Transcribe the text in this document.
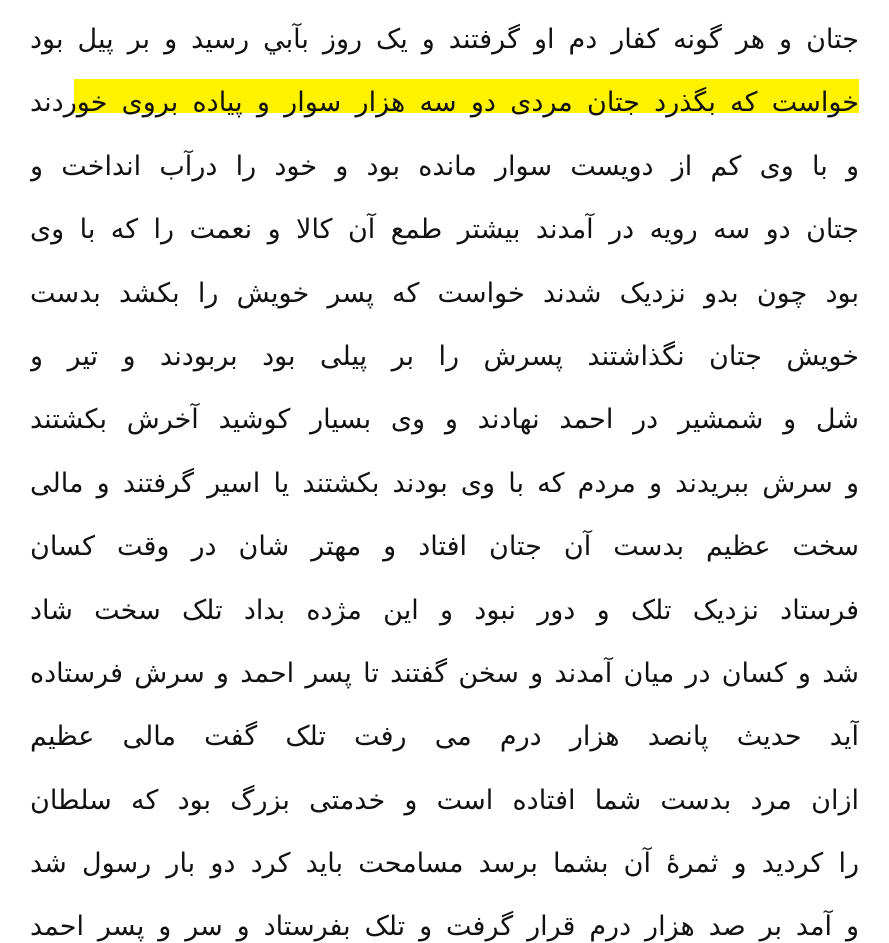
جتان و هر گونه کفار دم او گرفتند و یک روز بآبي رسيد و بر پيل بود
خواست که بگذرد جتان مردی دو سه هزار سوار و پیاده بروی خوردند
و با وی کم از دویست سوار مانده بود و خود را درآب انداخت و
جتان دو سه رویه در آمدند بیشتر طمع آن کالا و نعمت را که با وی
بود چون بدو نزدیک شدند خواست که پسر خویش را بکشد بدست
خویش جتان نگذاشتند پسرش را بر پیلی بود بربودند و تیر و
شل و شمشیر در احمد نهادند و وی بسیار کوشید آخرش بکشتند
و سرش ببریدند و مردم که با وی بودند بکشتند یا اسیر گرفتند و مالی
سخت عظیم بدست آن جتان افتاد و مهتر شان در وقت کسان
فرستاد نزدیک تلک و دور نبود و این مژده بداد تلک سخت شاد
شد و کسان در میان آمدند و سخن گفتند تا پسر احمد و سرش فرستاده
آید حدیث پانصد هزار درم می رفت تلک گفت مالی عظیم
ازان مرد بدست شما افتاده است و خدمتی بزرگ بود که سلطان
را کردید و ثمرهٔ آن بشما برسد مسامحت باید کرد دو بار رسول شد
و آمد بر صد هزار درم قرار گرفت و تلک بفرستاد و سر و پسر احمد
